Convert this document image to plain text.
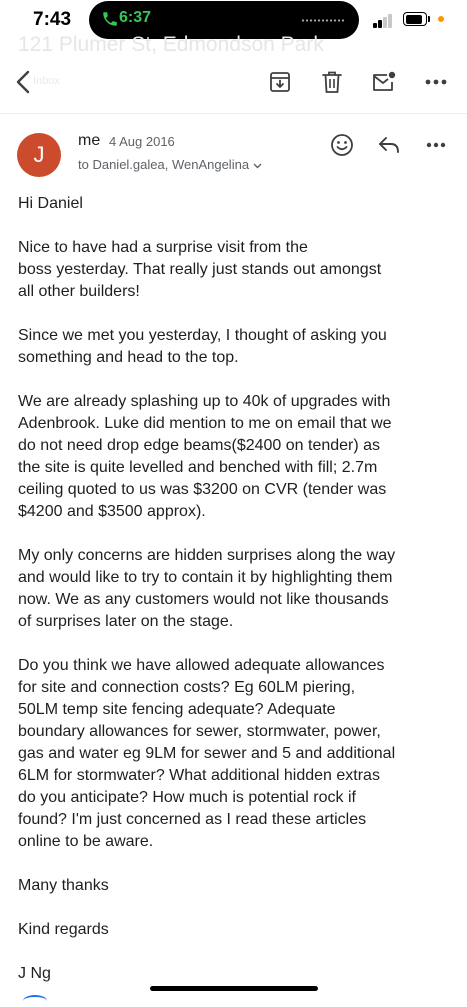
7:43	6:37
121 Plumer St, Edmondson Park
Inbox
J
me 4 Aug 2016
to Daniel.galea, WenAngelina

Hi Daniel

Nice to have had a surprise visit from the
boss yesterday. That really just stands out amongst
all other builders!

Since we met you yesterday, I thought of asking you
something and head to the top.

We are already splashing up to 40k of upgrades with
Adenbrook. Luke did mention to me on email that we
do not need drop edge beams($2400 on tender) as
the site is quite levelled and benched with fill; 2.7m
ceiling quoted to us was $3200 on CVR (tender was
$4200 and $3500 approx).

My only concerns are hidden surprises along the way
and would like to try to contain it by highlighting them
now. We as any customers would not like thousands
of surprises later on the stage.

Do you think we have allowed adequate allowances
for site and connection costs? Eg 60LM piering,
50LM temp site fencing adequate? Adequate
boundary allowances for sewer, stormwater, power,
gas and water eg 9LM for sewer and 5 and additional
6LM for stormwater? What additional hidden extras
do you anticipate? How much is potential rock if
found? I'm just concerned as I read these articles
online to be aware.

Many thanks

Kind regards

J Ng
